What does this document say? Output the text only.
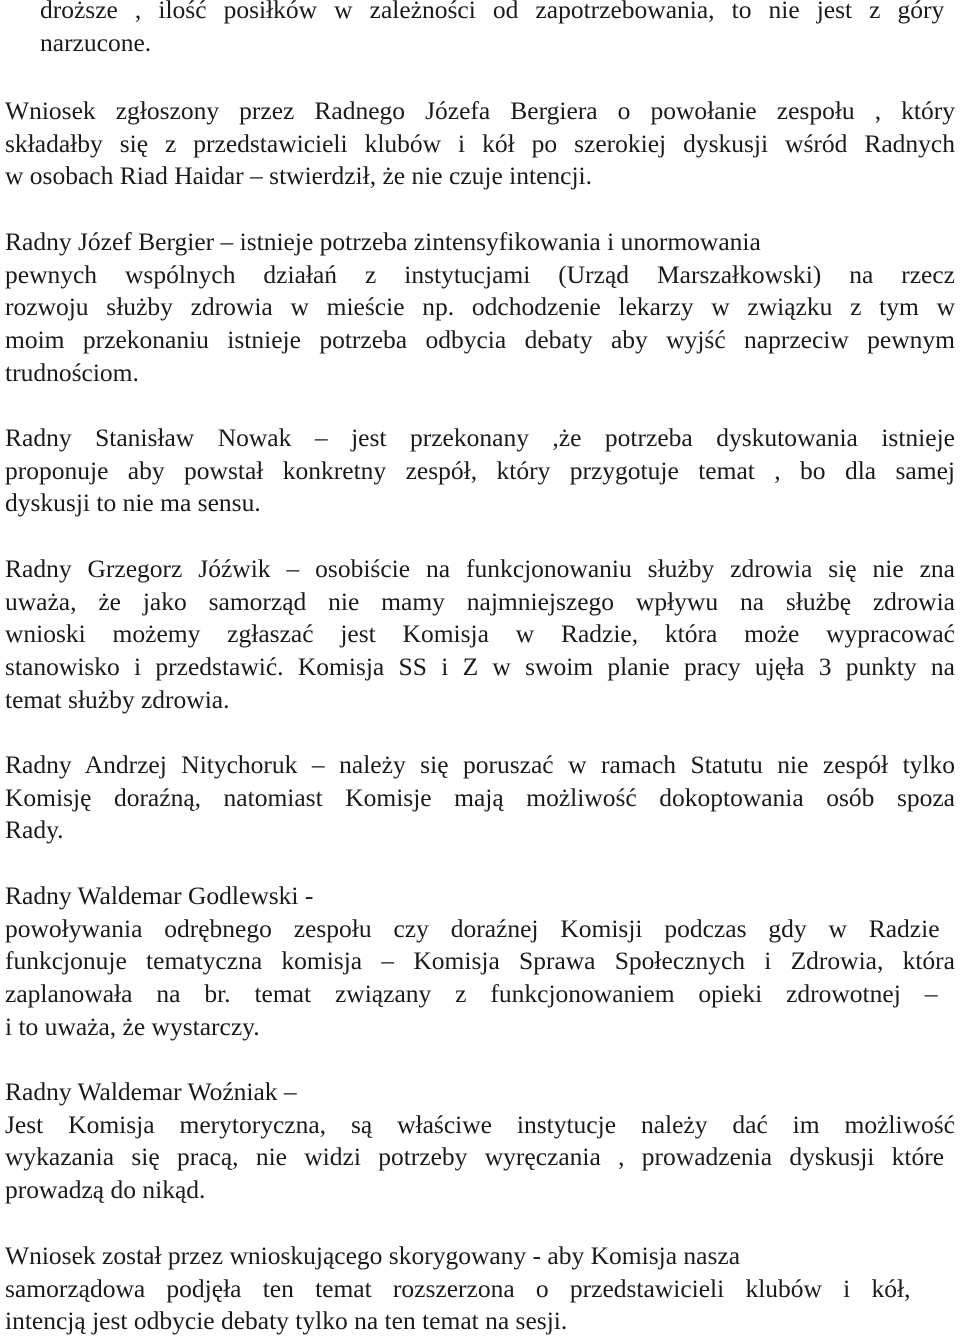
droższe , ilość posiłków w zależności od zapotrzebowania, to nie jest z góry
narzucone.
Wniosek zgłoszony przez Radnego Józefa Bergiera o powołanie zespołu , który
składałby się z przedstawicieli klubów i kół po szerokiej dyskusji wśród Radnych
w osobach Riad Haidar – stwierdził, że nie czuje intencji.
Radny Józef Bergier – istnieje potrzeba zintensyfikowania i unormowania
pewnych wspólnych działań z instytucjami (Urząd Marszałkowski) na rzecz
rozwoju służby zdrowia w mieście np. odchodzenie lekarzy w związku z tym w
moim przekonaniu istnieje potrzeba odbycia debaty aby wyjść naprzeciw pewnym
trudnościom.
Radny Stanisław Nowak – jest przekonany ,że potrzeba dyskutowania istnieje
proponuje aby powstał konkretny zespół, który przygotuje temat , bo dla samej
dyskusji to nie ma sensu.
Radny Grzegorz Jóźwik – osobiście na funkcjonowaniu służby zdrowia się nie zna
uważa, że jako samorząd nie mamy najmniejszego wpływu na służbę zdrowia
wnioski możemy zgłaszać jest Komisja w Radzie, która może wypracować
stanowisko i przedstawić. Komisja SS i Z w swoim planie pracy ujęła 3 punkty na
temat służby zdrowia.
Radny Andrzej Nitychoruk – należy się poruszać w ramach Statutu nie zespół tylko
Komisję doraźną, natomiast Komisje mają możliwość dokoptowania osób spoza
Rady.
Radny Waldemar Godlewski -
powoływania odrębnego zespołu czy doraźnej Komisji podczas gdy w Radzie
funkcjonuje tematyczna komisja – Komisja Sprawa Społecznych i Zdrowia, która
zaplanowała na br. temat związany z funkcjonowaniem opieki zdrowotnej –
i to uważa, że wystarczy.
Radny Waldemar Woźniak –
Jest Komisja merytoryczna, są właściwe instytucje należy dać im możliwość
wykazania się pracą, nie widzi potrzeby wyręczania , prowadzenia dyskusji które
prowadzą do nikąd.
Wniosek został przez wnioskującego skorygowany - aby Komisja nasza
samorządowa podjęła ten temat rozszerzona o przedstawicieli klubów i kół,
intencją jest odbycie debaty tylko na ten temat na sesji.
